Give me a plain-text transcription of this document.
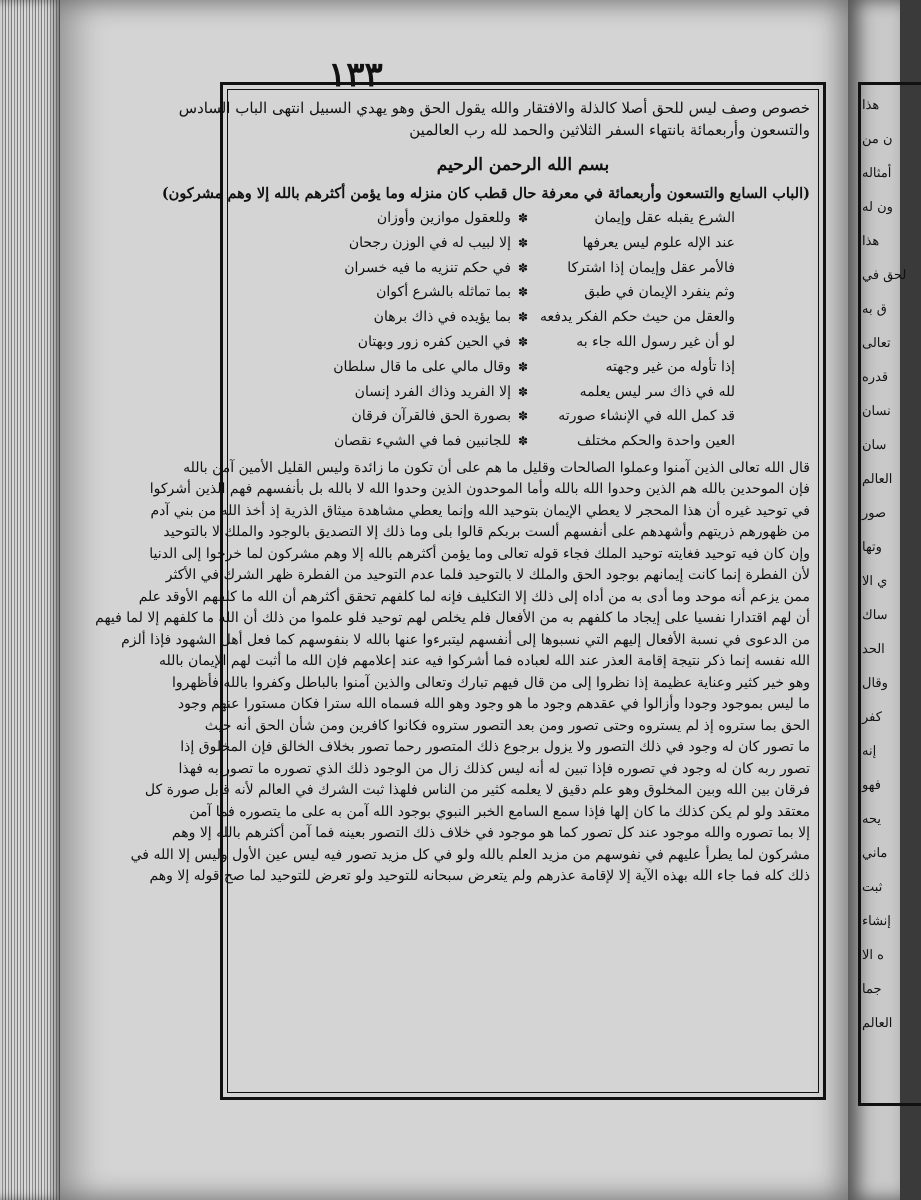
١٣٣
خصوص وصف ليس للحق أصلا كالذلة والافتقار والله يقول الحق وهو يهدي السبيل انتهى الباب السادس
والتسعون وأربعمائة بانتهاء السفر الثلاثين والحمد لله رب العالمين
بسم الله الرحمن الرحيم
(الباب السابع والتسعون وأربعمائة في معرفة حال قطب كان منزله وما يؤمن أكثرهم بالله إلا وهم مشركون)
الشرع يقبله عقل وإيمان
✽
وللعقول موازين وأوزان
عند الإله علوم ليس يعرفها
✽
إلا لبيب له في الوزن رجحان
فالأمر عقل وإيمان إذا اشتركا
✽
في حكم تنزيه ما فيه خسران
وثم ينفرد الإيمان في طبق
✽
بما تماثله بالشرع أكوان
والعقل من حيث حكم الفكر يدفعه
✽
بما يؤيده في ذاك برهان
لو أن غير رسول الله جاء به
✽
في الحين كفره زور وبهتان
إذا تأوله من غير وجهته
✽
وقال مالي على ما قال سلطان
لله في ذاك سر ليس يعلمه
✽
إلا الفريد وذاك الفرد إنسان
قد كمل الله في الإنشاء صورته
✽
بصورة الحق فالقرآن فرقان
العين واحدة والحكم مختلف
✽
للجانبين فما في الشيء نقصان
قال الله تعالى الذين آمنوا وعملوا الصالحات وقليل ما هم على أن تكون ما زائدة وليس القليل الأمين آمن بالله
فإن الموحدين بالله هم الذين وحدوا الله بالله وأما الموحدون الذين وحدوا الله لا بالله بل بأنفسهم فهم الذين أشركوا
في توحيد غيره أن هذا المحجر لا يعطي الإيمان بتوحيد الله وإنما يعطي مشاهدة ميثاق الذرية إذ أخذ الله من بني آدم
من ظهورهم ذريتهم وأشهدهم على أنفسهم ألست بربكم قالوا بلى وما ذلك إلا التصديق بالوجود والملك لا بالتوحيد
وإن كان فيه توحيد فغايته توحيد الملك فجاء قوله تعالى وما يؤمن أكثرهم بالله إلا وهم مشركون لما خرجوا إلى الدنيا
لأن الفطرة إنما كانت إيمانهم بوجود الحق والملك لا بالتوحيد فلما عدم التوحيد من الفطرة ظهر الشرك في الأكثر
ممن يزعم أنه موحد وما أدى به من أداه إلى ذلك إلا التكليف فإنه لما كلفهم تحقق أكثرهم أن الله ما كلفهم الأوقد علم
أن لهم اقتدارا نفسيا على إيجاد ما كلفهم به من الأفعال فلم يخلص لهم توحيد فلو علموا من ذلك أن الله ما كلفهم إلا لما فيهم
من الدعوى في نسبة الأفعال إليهم التي نسبوها إلى أنفسهم ليتبرءوا عنها بالله لا بنفوسهم كما فعل أهل الشهود فإذا ألزم
الله نفسه إنما ذكر نتيجة إقامة العذر عند الله لعباده فما أشركوا فيه عند إعلامهم فإن الله ما أثبت لهم الإيمان بالله
وهو خير كثير وعناية عظيمة إذا نظروا إلى من قال فيهم تبارك وتعالى والذين آمنوا بالباطل وكفروا بالله فأظهروا
ما ليس بموجود وجودا وأزالوا في عقدهم وجود ما هو وجود وهو الله فسماه الله سترا فكان مستورا عنهم وجود
الحق بما ستروه إذ لم يستروه وحتى تصور ومن بعد التصور ستروه فكانوا كافرين ومن شأن الحق أنه حيث
ما تصور كان له وجود في ذلك التصور ولا يزول برجوع ذلك المتصور رحما تصور بخلاف الخالق فإن المخلوق إذا
تصور ربه كان له وجود في تصوره فإذا تبين له أنه ليس كذلك زال من الوجود ذلك الذي تصوره ما تصور به فهذا
فرقان بين الله وبين المخلوق وهو علم دقيق لا يعلمه كثير من الناس فلهذا ثبت الشرك في العالم لأنه قابل صورة كل
معتقد ولو لم يكن كذلك ما كان إلها فإذا سمع السامع الخبر النبوي بوجود الله آمن به على ما يتصوره فما آمن
إلا بما تصوره والله موجود عند كل تصور كما هو موجود في خلاف ذلك التصور بعينه فما آمن أكثرهم بالله إلا وهم
مشركون لما يطرأ عليهم في نفوسهم من مزيد العلم بالله ولو في كل مزيد تصور فيه ليس عين الأول وليس إلا الله في
ذلك كله فما جاء الله بهذه الآية إلا لإقامة عذرهم ولم يتعرض سبحانه للتوحيد ولو تعرض للتوحيد لما صح قوله إلا وهم
هذا
ن من
أمثاله
ون له
هذا
لحق في
ق به
تعالى
قدره
نسان
سان
العالم
صور
وتها
ي الا
ساك
الحد
وقال
كفر
إنه
فهو
يحه
ماني
ثبت
إنشاء
ه الا
جما
العالم
